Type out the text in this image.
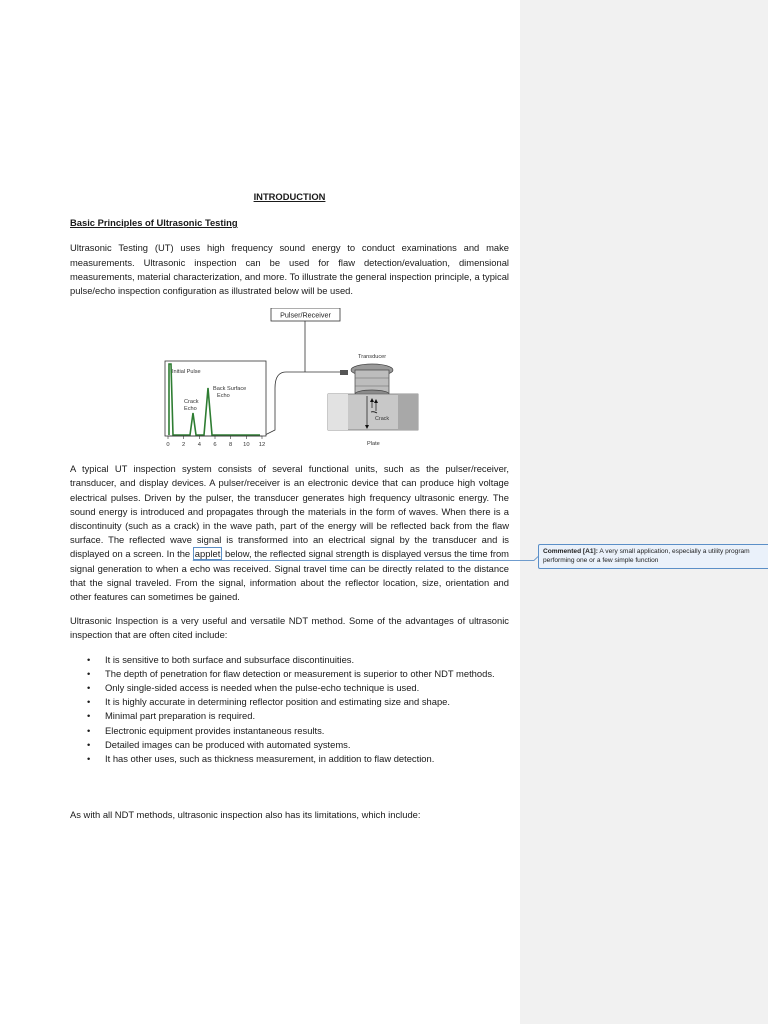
INTRODUCTION
Basic Principles of Ultrasonic Testing

Ultrasonic Testing (UT) uses high frequency sound energy to conduct examinations and make measurements. Ultrasonic inspection can be used for flaw detection/evaluation, dimensional measurements, material characterization, and more. To illustrate the general inspection principle, a typical pulse/echo inspection configuration as illustrated below will be used.

Pulser/Receiver
Initial Pulse
Back Surface
Echo
Crack
Echo
0 2 4 6 8 10 12
Transducer
Crack
Plate

A typical UT inspection system consists of several functional units, such as the pulser/receiver, transducer, and display devices. A pulser/receiver is an electronic device that can produce high voltage electrical pulses. Driven by the pulser, the transducer generates high frequency ultrasonic energy. The sound energy is introduced and propagates through the materials in the form of waves. When there is a discontinuity (such as a crack) in the wave path, part of the energy will be reflected back from the flaw surface. The reflected wave signal is transformed into an electrical signal by the transducer and is displayed on a screen. In the applet below, the reflected signal strength is displayed versus the time from signal generation to when a echo was received. Signal travel time can be directly related to the distance that the signal traveled. From the signal, information about the reflector location, size, orientation and other features can sometimes be gained.

Ultrasonic Inspection is a very useful and versatile NDT method. Some of the advantages of ultrasonic inspection that are often cited include:

• It is sensitive to both surface and subsurface discontinuities.
• The depth of penetration for flaw detection or measurement is superior to other NDT methods.
• Only single-sided access is needed when the pulse-echo technique is used.
• It is highly accurate in determining reflector position and estimating size and shape.
• Minimal part preparation is required.
• Electronic equipment provides instantaneous results.
• Detailed images can be produced with automated systems.
• It has other uses, such as thickness measurement, in addition to flaw detection.

As with all NDT methods, ultrasonic inspection also has its limitations, which include:

Commented [A1]: A very small application, especially a utility program performing one or a few simple function
